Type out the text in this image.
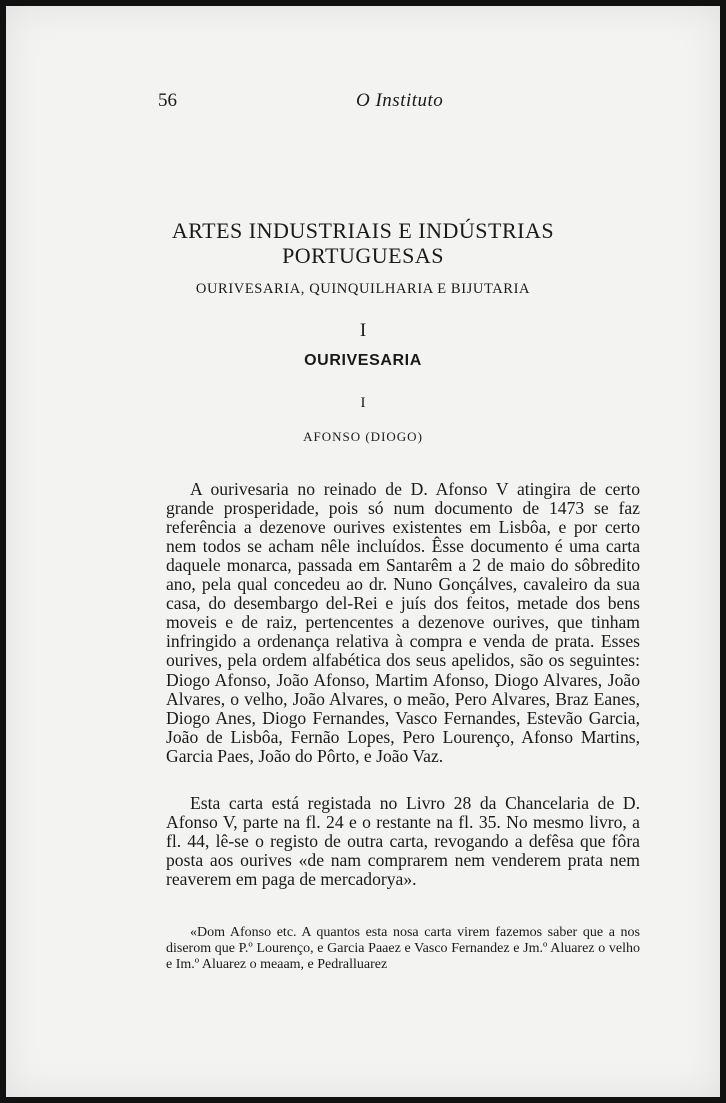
56	O Instituto
ARTES INDUSTRIAIS E INDÚSTRIAS
PORTUGUESAS
OURIVESARIA, QUINQUILHARIA E BIJUTARIA
I
OURIVESARIA
I
AFONSO (DIOGO)

A ourivesaria no reinado de D. Afonso V atingira de certo grande prosperidade, pois só num documento de 1473 se faz referência a dezenove ourives existentes em Lisbôa, e por certo nem todos se acham nêle incluídos. Êsse documento é uma carta daquele monarca, passada em Santarêm a 2 de maio do sôbredito ano, pela qual concedeu ao dr. Nuno Gonçálves, cavaleiro da sua casa, do desembargo del-Rei e juís dos feitos, metade dos bens moveis e de raiz, pertencentes a dezenove ourives, que tinham infringido a ordenança relativa à compra e venda de prata. Esses ourives, pela ordem alfabética dos seus apelidos, são os seguintes: Diogo Afonso, João Afonso, Martim Afonso, Diogo Alvares, João Alvares, o velho, João Alvares, o meão, Pero Alvares, Braz Eanes, Diogo Anes, Diogo Fernandes, Vasco Fernandes, Estevão Garcia, João de Lisbôa, Fernão Lopes, Pero Lourenço, Afonso Martins, Garcia Paes, João do Pôrto, e João Vaz.

Esta carta está registada no Livro 28 da Chancelaria de D. Afonso V, parte na fl. 24 e o restante na fl. 35. No mesmo livro, a fl. 44, lê-se o registo de outra carta, revogando a defêsa que fôra posta aos ourives «de nam comprarem nem venderem prata nem reaverem em paga de mercadorya».

«Dom Afonso etc. A quantos esta nosa carta virem fazemos saber que a nos diserom que P.º Lourenço, e Garcia Paaez e Vasco Fernandez e Jm.º Aluarez o velho e Im.º Aluarez o meaam, e Pedralluarez
